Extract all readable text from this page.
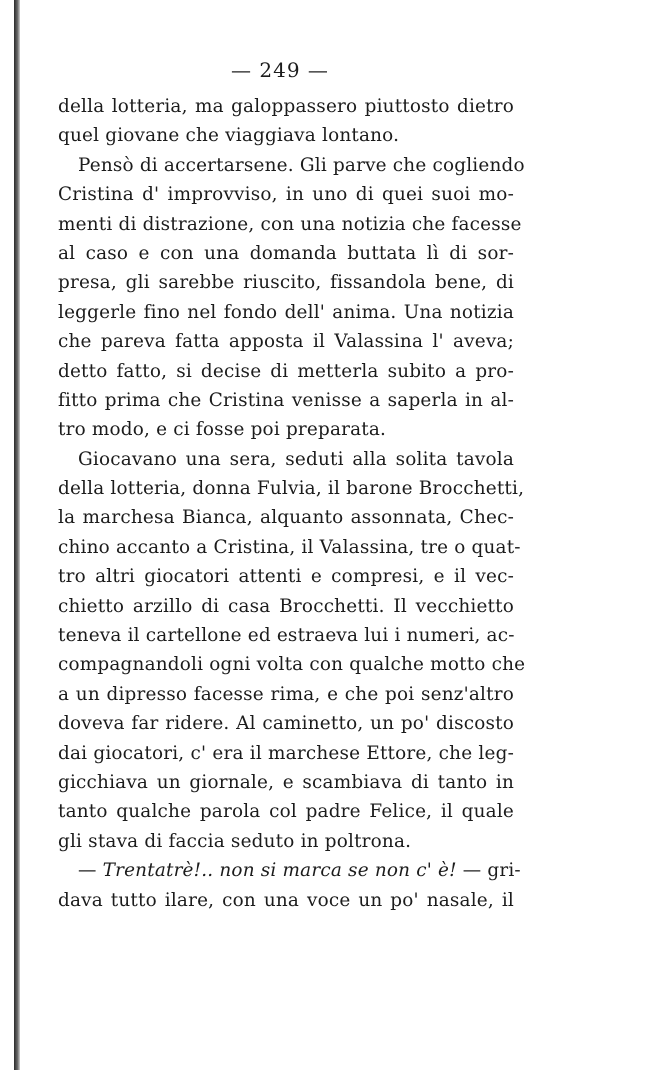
— 249 —
della lotteria, ma galoppassero piuttosto dietro
quel giovane che viaggiava lontano.
Pensò di accertarsene. Gli parve che cogliendo
Cristina d' improvviso, in uno di quei suoi mo-
menti di distrazione, con una notizia che facesse
al caso e con una domanda buttata lì di sor-
presa, gli sarebbe riuscito, fissandola bene, di
leggerle fino nel fondo dell' anima. Una notizia
che pareva fatta apposta il Valassina l' aveva;
detto fatto, si decise di metterla subito a pro-
fitto prima che Cristina venisse a saperla in al-
tro modo, e ci fosse poi preparata.
Giocavano una sera, seduti alla solita tavola
della lotteria, donna Fulvia, il barone Brocchetti,
la marchesa Bianca, alquanto assonnata, Chec-
chino accanto a Cristina, il Valassina, tre o quat-
tro altri giocatori attenti e compresi, e il vec-
chietto arzillo di casa Brocchetti. Il vecchietto
teneva il cartellone ed estraeva lui i numeri, ac-
compagnandoli ogni volta con qualche motto che
a un dipresso facesse rima, e che poi senz'altro
doveva far ridere. Al caminetto, un po' discosto
dai giocatori, c' era il marchese Ettore, che leg-
gicchiava un giornale, e scambiava di tanto in
tanto qualche parola col padre Felice, il quale
gli stava di faccia seduto in poltrona.
— Trentatrè!.. non si marca se non c' è! — gri-
dava tutto ilare, con una voce un po' nasale, il
